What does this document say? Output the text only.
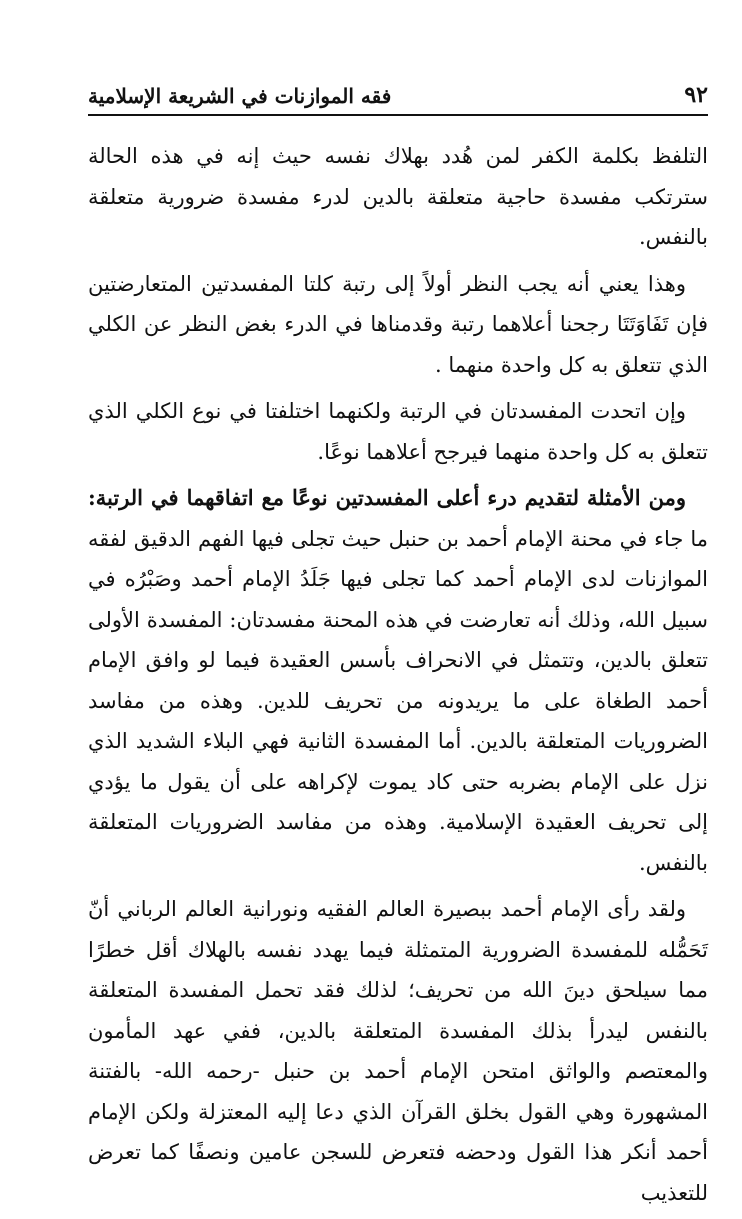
٩٢
فقه الموازنات في الشريعة الإسلامية

التلفظ بكلمة الكفر لمن هُدد بهلاك نفسه حيث إنه في هذه الحالة سترتكب مفسدة حاجية متعلقة بالدين لدرء مفسدة ضرورية متعلقة بالنفس.

وهذا يعني أنه يجب النظر أولاً إلى رتبة كلتا المفسدتين المتعارضتين فإن تَفَاوَتَتَا رجحنا أعلاهما رتبة وقدمناها في الدرء بغض النظر عن الكلي الذي تتعلق به كل واحدة منهما .

وإن اتحدت المفسدتان في الرتبة ولكنهما اختلفتا في نوع الكلي الذي تتعلق به كل واحدة منهما فيرجح أعلاهما نوعًا.

ومن الأمثلة لتقديم درء أعلى المفسدتين نوعًا مع اتفاقهما في الرتبة: ما جاء في محنة الإمام أحمد بن حنبل حيث تجلى فيها الفهم الدقيق لفقه الموازنات لدى الإمام أحمد كما تجلى فيها جَلَدُ الإمام أحمد وصَبْرُه في سبيل الله، وذلك أنه تعارضت في هذه المحنة مفسدتان: المفسدة الأولى تتعلق بالدين، وتتمثل في الانحراف بأسس العقيدة فيما لو وافق الإمام أحمد الطغاة على ما يريدونه من تحريف للدين. وهذه من مفاسد الضروريات المتعلقة بالدين. أما المفسدة الثانية فهي البلاء الشديد الذي نزل على الإمام بضربه حتى كاد يموت لإكراهه على أن يقول ما يؤدي إلى تحريف العقيدة الإسلامية. وهذه من مفاسد الضروريات المتعلقة بالنفس.

ولقد رأى الإمام أحمد ببصيرة العالم الفقيه ونورانية العالم الرباني أنّ تَحَمُّله للمفسدة الضرورية المتمثلة فيما يهدد نفسه بالهلاك أقل خطرًا مما سيلحق دينَ الله من تحريف؛ لذلك فقد تحمل المفسدة المتعلقة بالنفس ليدرأ بذلك المفسدة المتعلقة بالدين، ففي عهد المأمون والمعتصم والواثق امتحن الإمام أحمد بن حنبل -رحمه الله- بالفتنة المشهورة وهي القول بخلق القرآن الذي دعا إليه المعتزلة ولكن الإمام أحمد أنكر هذا القول ودحضه فتعرض للسجن عامين ونصفًا كما تعرض للتعذيب
